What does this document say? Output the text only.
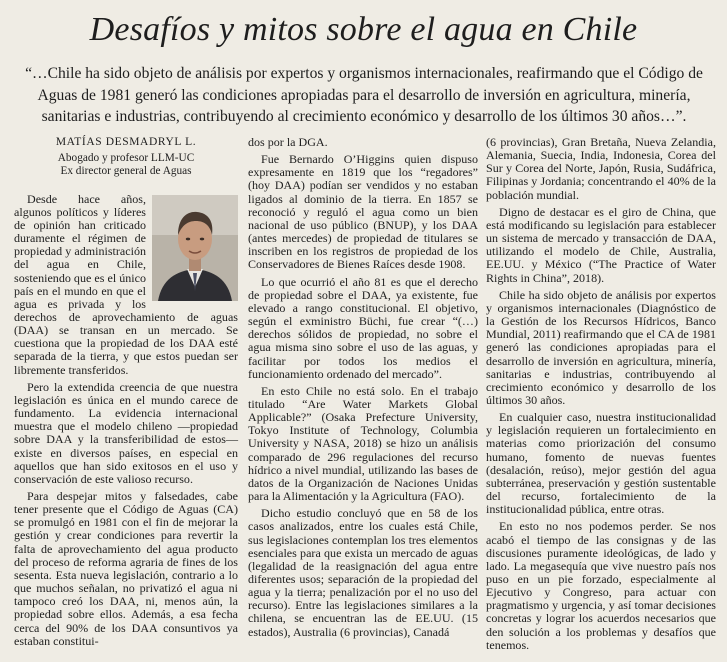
Desafíos y mitos sobre el agua en Chile
“…Chile ha sido objeto de análisis por expertos y organismos internacionales, reafirmando que el Código de Aguas de 1981 generó las condiciones apropiadas para el desarrollo de inversión en agricultura, minería, sanitarias e industrias, contribuyendo al crecimiento económico y desarrollo de los últimos 30 años…”.
MATÍAS DESMADRYL L.
Abogado y profesor LLM-UC
Ex director general de Aguas

Desde hace años, algunos políticos y líderes de opinión han criticado duramente el régimen de propiedad y administración del agua en Chile, sosteniendo que es el único país en el mundo en que el agua es privada y los derechos de aprovechamiento de aguas (DAA) se transan en un mercado. Se cuestiona que la propiedad de los DAA esté separada de la tierra, y que estos puedan ser libremente transferidos.

Pero la extendida creencia de que nuestra legislación es única en el mundo carece de fundamento. La evidencia internacional muestra que el modelo chileno —propiedad sobre DAA y la transferibilidad de estos— existe en diversos países, en especial en aquellos que han sido exitosos en el uso y conservación de este valioso recurso.

Para despejar mitos y falsedades, cabe tener presente que el Código de Aguas (CA) se promulgó en 1981 con el fin de mejorar la gestión y crear condiciones para revertir la falta de aprovechamiento del agua producto del proceso de reforma agraria de fines de los sesenta. Esta nueva legislación, contrario a lo que muchos señalan, no privatizó el agua ni tampoco creó los DAA, ni, menos aún, la propiedad sobre ellos. Además, a esa fecha cerca del 90% de los DAA consuntivos ya estaban constitui-

dos por la DGA.

Fue Bernardo O’Higgins quien dispuso expresamente en 1819 que los “regadores” (hoy DAA) podían ser vendidos y no estaban ligados al dominio de la tierra. En 1857 se reconoció y reguló el agua como un bien nacional de uso público (BNUP), y los DAA (antes mercedes) de propiedad de titulares se inscriben en los registros de propiedad de los Conservadores de Bienes Raíces desde 1908.

Lo que ocurrió el año 81 es que el derecho de propiedad sobre el DAA, ya existente, fue elevado a rango constitucional. El objetivo, según el exministro Büchi, fue crear “(…) derechos sólidos de propiedad, no sobre el agua misma sino sobre el uso de las aguas, y facilitar por todos los medios el funcionamiento ordenado del mercado”.

En esto Chile no está solo. En el trabajo titulado “Are Water Markets Global Applicable?” (Osaka Prefecture University, Tokyo Institute of Technology, Columbia University y NASA, 2018) se hizo un análisis comparado de 296 regulaciones del recurso hídrico a nivel mundial, utilizando las bases de datos de la Organización de Naciones Unidas para la Alimentación y la Agricultura (FAO).

Dicho estudio concluyó que en 58 de los casos analizados, entre los cuales está Chile, sus legislaciones contemplan los tres elementos esenciales para que exista un mercado de aguas (legalidad de la reasignación del agua entre diferentes usos; separación de la propiedad del agua y la tierra; penalización por el no uso del recurso). Entre las legislaciones similares a la chilena, se encuentran las de EE.UU. (15 estados), Australia (6 provincias), Canadá

(6 provincias), Gran Bretaña, Nueva Zelandia, Alemania, Suecia, India, Indonesia, Corea del Sur y Corea del Norte, Japón, Rusia, Sudáfrica, Filipinas y Jordania; concentrando el 40% de la población mundial.

Digno de destacar es el giro de China, que está modificando su legislación para establecer un sistema de mercado y transacción de DAA, utilizando el modelo de Chile, Australia, EE.UU. y México (“The Practice of Water Rights in China”, 2018).

Chile ha sido objeto de análisis por expertos y organismos internacionales (Diagnóstico de la Gestión de los Recursos Hídricos, Banco Mundial, 2011) reafirmando que el CA de 1981 generó las condiciones apropiadas para el desarrollo de inversión en agricultura, minería, sanitarias e industrias, contribuyendo al crecimiento económico y desarrollo de los últimos 30 años.

En cualquier caso, nuestra institucionalidad y legislación requieren un fortalecimiento en materias como priorización del consumo humano, fomento de nuevas fuentes (desalación, reúso), mejor gestión del agua subterránea, preservación y gestión sustentable del recurso, fortalecimiento de la institucionalidad pública, entre otras.

En esto no nos podemos perder. Se nos acabó el tiempo de las consignas y de las discusiones puramente ideológicas, de lado y lado. La megasequía que vive nuestro país nos puso en un pie forzado, especialmente al Ejecutivo y Congreso, para actuar con pragmatismo y urgencia, y así tomar decisiones concretas y lograr los acuerdos necesarios que den solución a los problemas y desafíos que tenemos.
